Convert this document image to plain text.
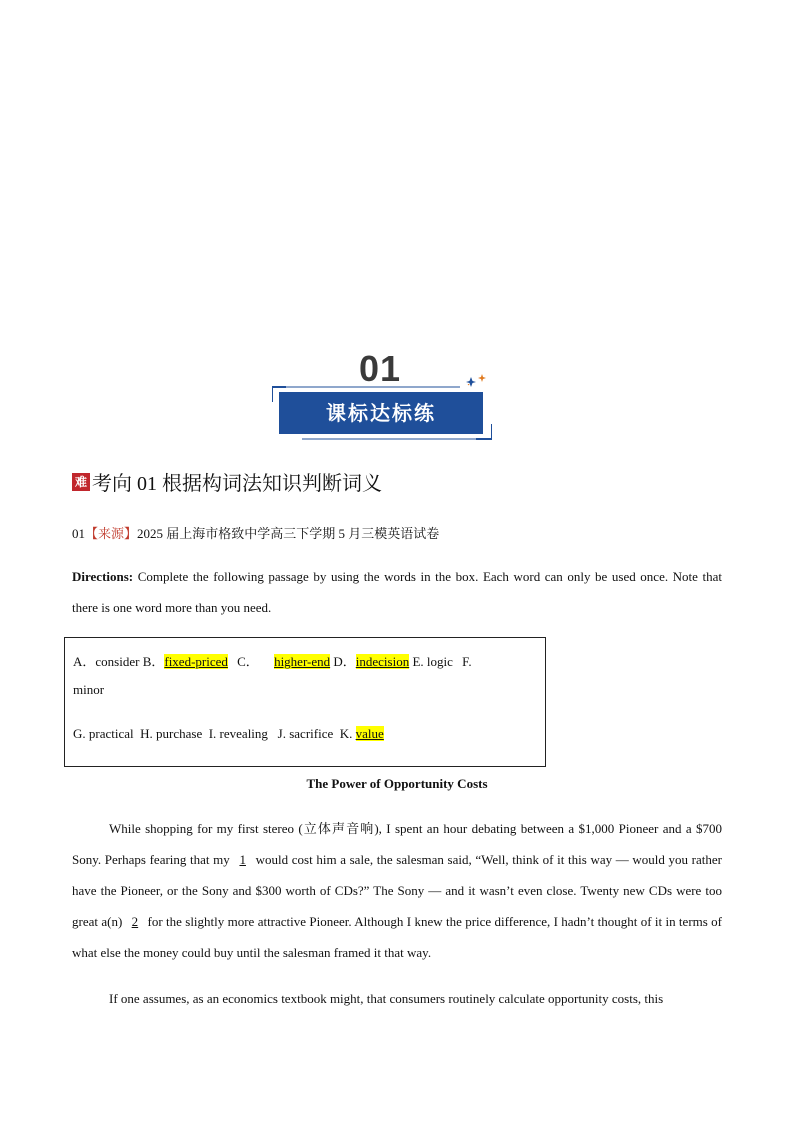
01
课标达标练
难 考向 01 根据构词法知识判断词义
01【来源】2025 届上海市格致中学高三下学期 5 月三模英语试卷
Directions: Complete the following passage by using the words in the box. Each word can only be used once. Note that there is one word more than you need.
A．consider B．fixed-priced C． higher-end D．indecision E. logic F.
minor
G. practical  H. purchase  I. revealing   J. sacrifice  K. value
The Power of Opportunity Costs
While shopping for my first stereo (立体声音响), I spent an hour debating between a $1,000 Pioneer and a $700 Sony. Perhaps fearing that my 1 would cost him a sale, the salesman said, “Well, think of it this way — would you rather have the Pioneer, or the Sony and $300 worth of CDs?” The Sony — and it wasn’t even close. Twenty new CDs were too great a(n) 2 for the slightly more attractive Pioneer. Although I knew the price difference, I hadn’t thought of it in terms of what else the money could buy until the salesman framed it that way.
If one assumes, as an economics textbook might, that consumers routinely calculate opportunity costs, this
